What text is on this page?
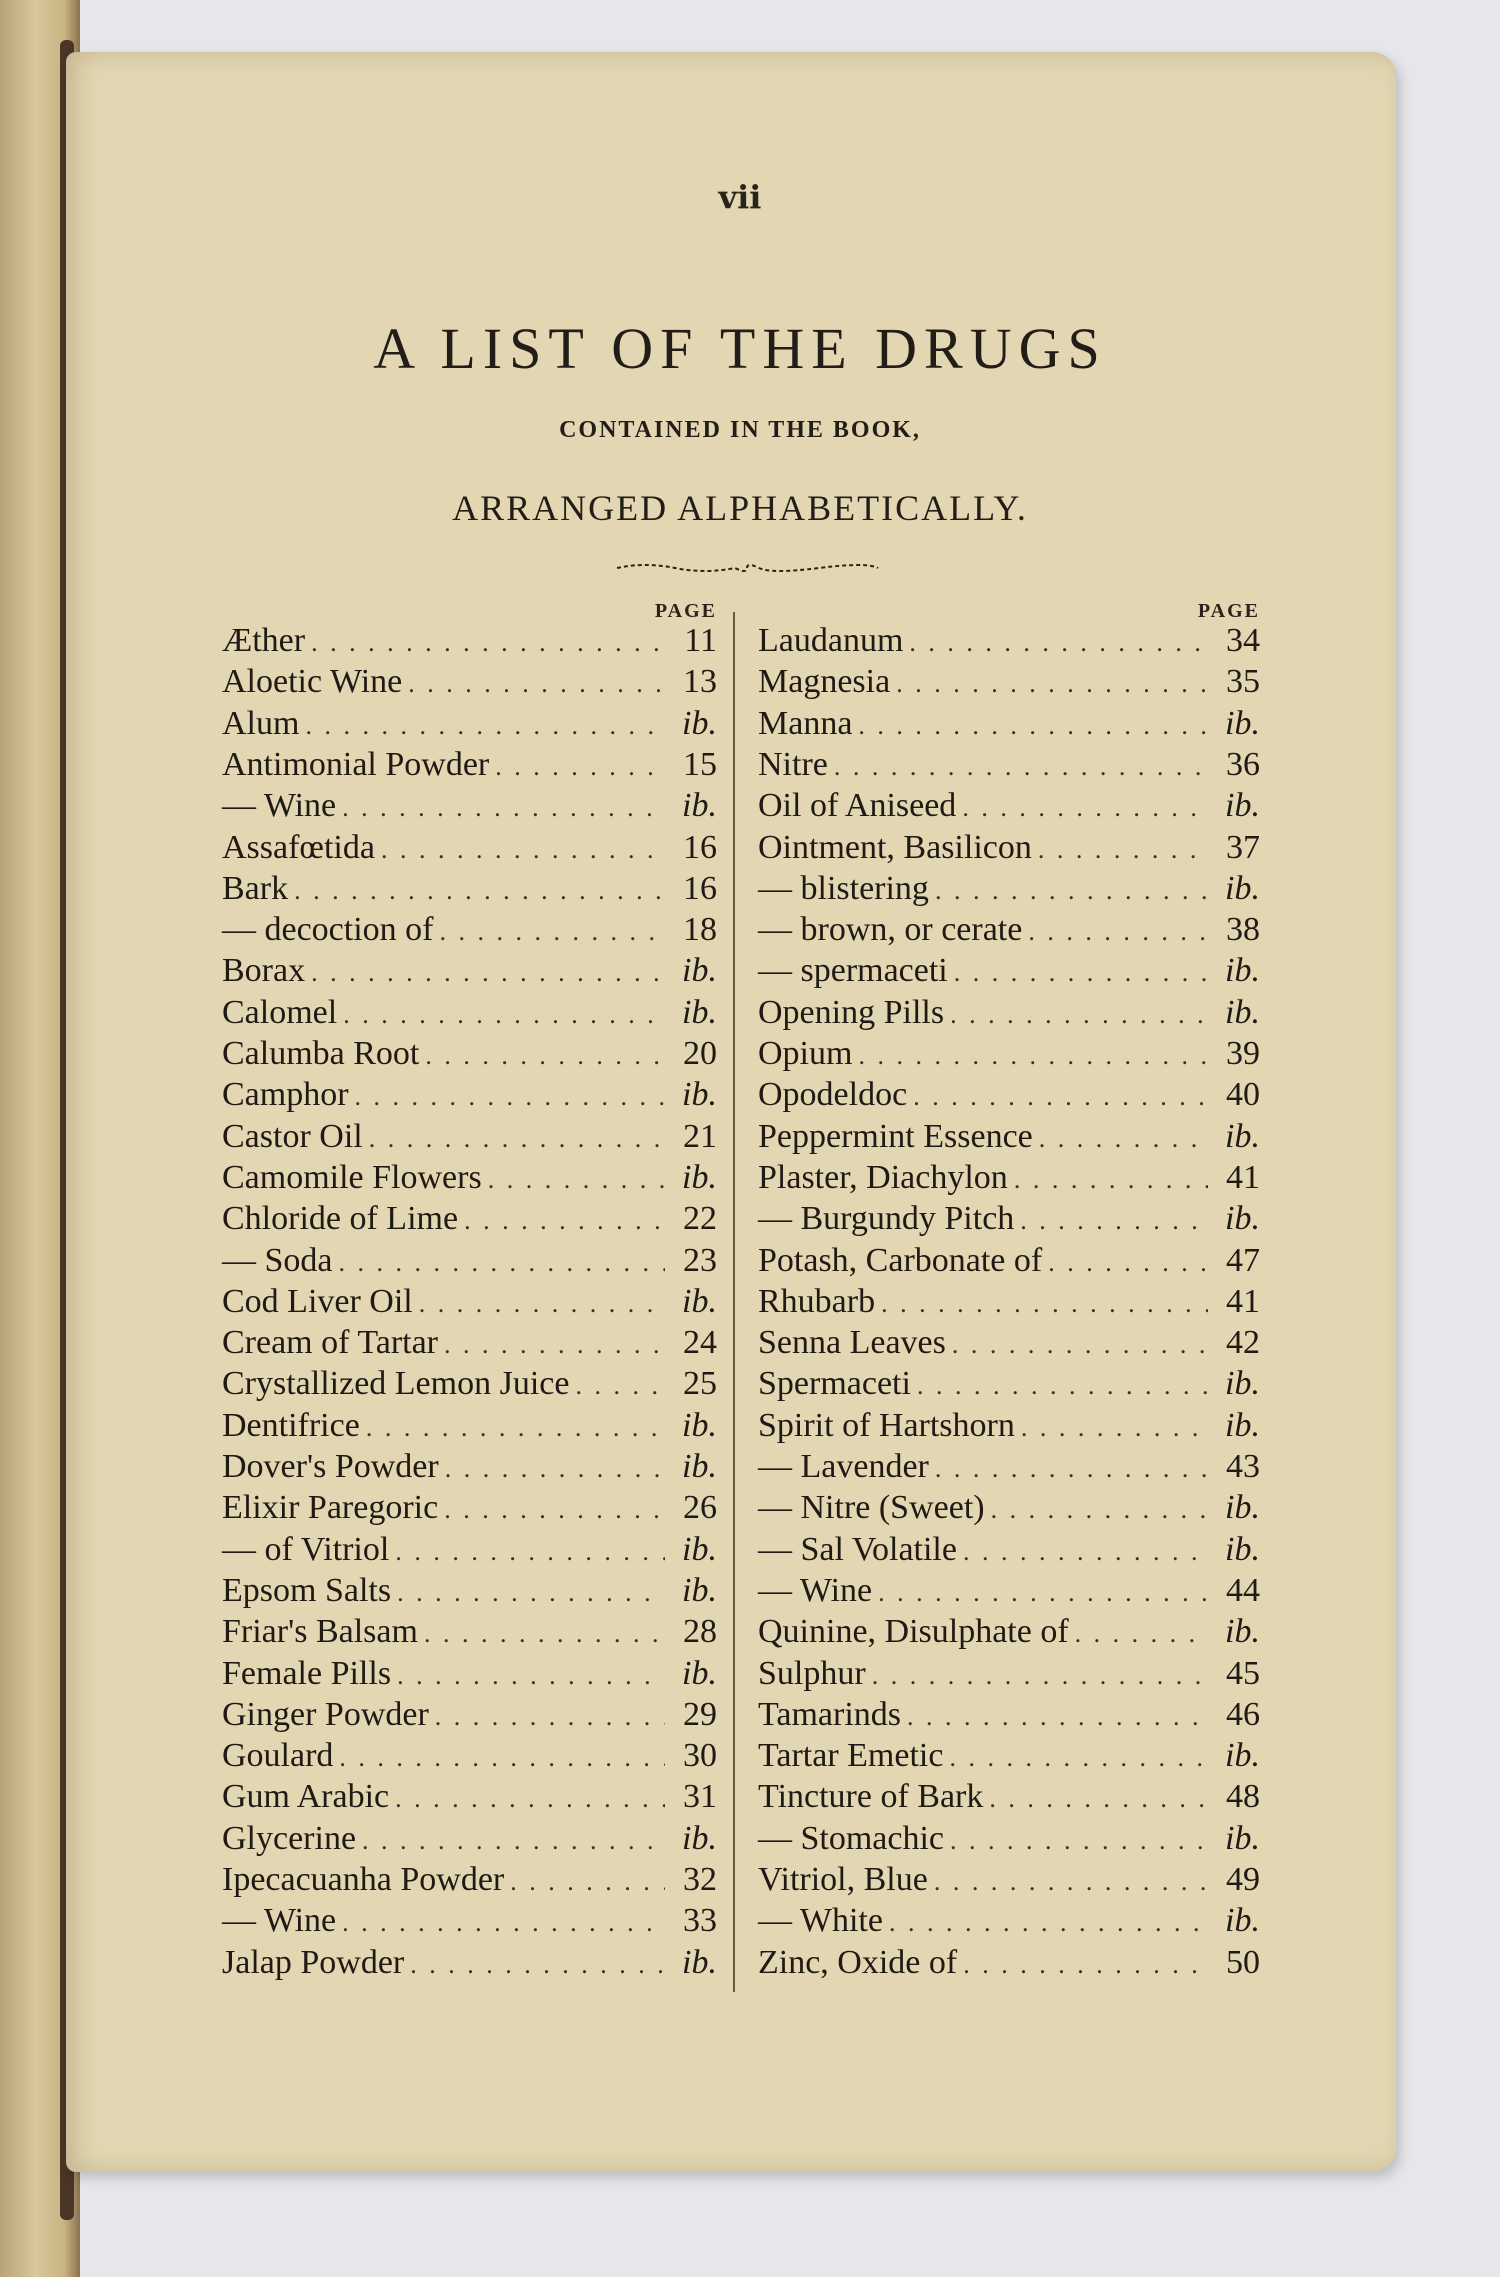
vii
A LIST OF THE DRUGS
CONTAINED IN THE BOOK,
ARRANGED ALPHABETICALLY.
PAGE
Æther . . .	11
Aloetic Wine . . .	13
Alum . . .	ib.
Antimonial Powder . . .	15
— Wine . . .	ib.
Assafœtida . . .	16
Bark . . .	16
— decoction of . . .	18
Borax . . .	ib.
Calomel . . .	ib.
Calumba Root . . .	20
Camphor . . .	ib.
Castor Oil . . .	21
Camomile Flowers . . .	ib.
Chloride of Lime . . .	22
— Soda . . .	23
Cod Liver Oil . . .	ib.
Cream of Tartar . . .	24
Crystallized Lemon Juice . . .	25
Dentifrice . . .	ib.
Dover's Powder . . .	ib.
Elixir Paregoric . . .	26
— of Vitriol . . .	ib.
Epsom Salts . . .	ib.
Friar's Balsam . . .	28
Female Pills . . .	ib.
Ginger Powder . . .	29
Goulard . . .	30
Gum Arabic . . .	31
Glycerine . . .	ib.
Ipecacuanha Powder . . .	32
— Wine . . .	33
Jalap Powder . . .	ib.
PAGE
Laudanum . . .	34
Magnesia . . .	35
Manna . . .	ib.
Nitre . . .	36
Oil of Aniseed . . .	ib.
Ointment, Basilicon . . .	37
— blistering . . .	ib.
— brown, or cerate . . .	38
— spermaceti . . .	ib.
Opening Pills . . .	ib.
Opium . . .	39
Opodeldoc . . .	40
Peppermint Essence . . .	ib.
Plaster, Diachylon . . .	41
— Burgundy Pitch . . .	ib.
Potash, Carbonate of . . .	47
Rhubarb . . .	41
Senna Leaves . . .	42
Spermaceti . . .	ib.
Spirit of Hartshorn . . .	ib.
— Lavender . . .	43
— Nitre (Sweet) . . .	ib.
— Sal Volatile . . .	ib.
— Wine . . .	44
Quinine, Disulphate of . . .	ib.
Sulphur . . .	45
Tamarinds . . .	46
Tartar Emetic . . .	ib.
Tincture of Bark . . .	48
— Stomachic . . .	ib.
Vitriol, Blue . . .	49
— White . . .	ib.
Zinc, Oxide of . . .	50
